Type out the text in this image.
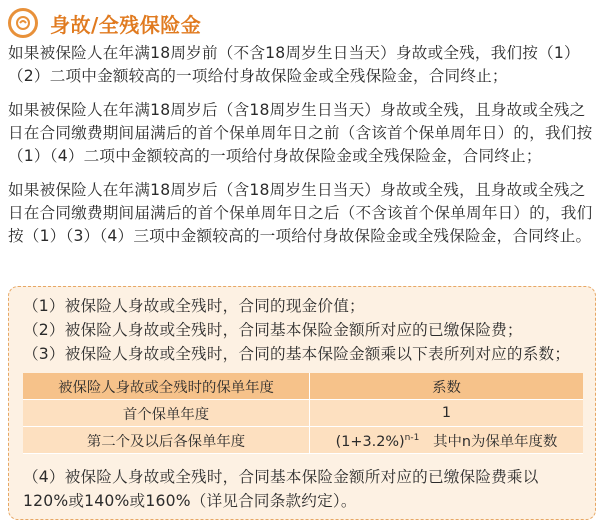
身故/全残保险金
如果被保险人在年满18周岁前（不含18周岁生日当天）身故或全残，我们按（1）（2）二项中金额较高的一项给付身故保险金或全残保险金，合同终止；
如果被保险人在年满18周岁后（含18周岁生日当天）身故或全残，且身故或全残之日在合同缴费期间届满后的首个保单周年日之前（含该首个保单周年日）的，我们按（1）（4）二项中金额较高的一项给付身故保险金或全残保险金，合同终止；
如果被保险人在年满18周岁后（含18周岁生日当天）身故或全残，且身故或全残之日在合同缴费期间届满后的首个保单周年日之后（不含该首个保单周年日）的，我们按（1）（3）（4）三项中金额较高的一项给付身故保险金或全残保险金，合同终止。
（1）被保险人身故或全残时，合同的现金价值；
（2）被保险人身故或全残时，合同基本保险金额所对应的已缴保险费；
（3）被保险人身故或全残时，合同的基本保险金额乘以下表所列对应的系数；
被保险人身故或全残时的保单年度	系数
首个保单年度	1
第二个及以后各保单年度	$(1+3.2\%)^{n-1}$ 其中n为保单年度数
（4）被保险人身故或全残时，合同基本保险金额所对应的已缴保险费乘以120%或140%或160%（详见合同条款约定）。
